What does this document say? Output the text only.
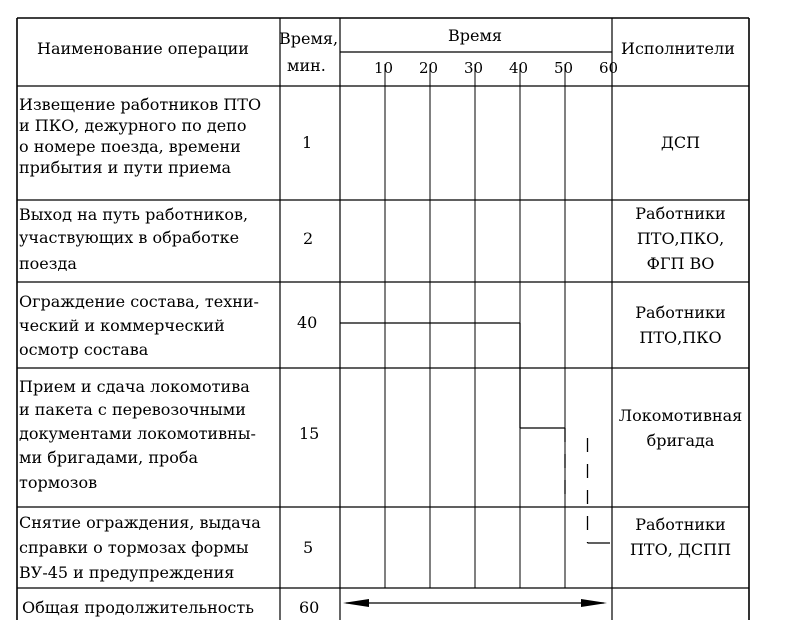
Наименование операции
Время,
мин.
Время
Исполнители
10 20 30 40 50 60
Извещение работников ПТО
и ПКО, дежурного по депо
о номере поезда, времени
прибытия и пути приема
1	ДСП
Выход на путь работников,
участвующих в обработке
поезда
2
Работники
ПТО,ПКО,
ФГП ВО
Ограждение состава, техни-
ческий и коммерческий
осмотр состава
40
Работники
ПТО,ПКО
Прием и сдача локомотива
и пакета с перевозочными
документами локомотивны-
ми бригадами, проба
тормозов
15
Локомотивная
бригада
Снятие ограждения, выдача
справки о тормозах формы
ВУ-45 и предупреждения
5
Работники
ПТО, ДСПП
Общая продолжительность	60
